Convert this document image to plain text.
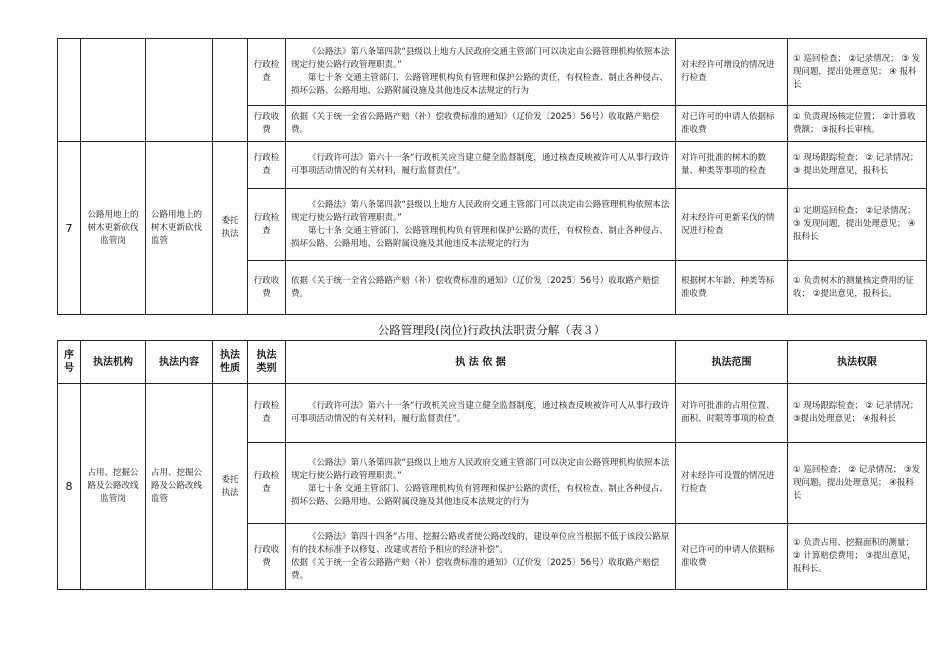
				行政检查	《公路法》第八条第四款“县级以上地方人民政府交通主管部门可以决定由公路管理机构依照本法规定行使公路行政管理职责。”

第七十条 交通主管部门、公路管理机构负有管理和保护公路的责任，有权检查、制止各种侵占、损坏公路、公路用地、公路附属设施及其他违反本法规定的行为	对未经许可增设的情况进行检查	① 巡回检查； ②记录情况； ③ 发现问题，提出处理意见； ④ 报科长
				行政收费	依据《关于统一全省公路路产赔（补）偿收费标准的通知》（辽价发〔2025〕56号）收取路产赔偿费。	对已许可的申请人依据标准收费	① 负责现场核定位置； ②计算收费额； ③报科长审核。
7	公路用地上的树木更新砍伐监管岗	公路用地上的树木更新砍伐监管	委托执法	行政检查	《行政许可法》第六十一条“行政机关应当建立健全监督制度，通过核查反映被许可人从事行政许可事项活动情况的有关材料，履行监督责任”。	对许可批准的树木的数量、种类等事项的检查	① 现场跟踪检查； ② 记录情况； ③ 提出处理意见，报科长
				行政检查	《公路法》第八条第四款“县级以上地方人民政府交通主管部门可以决定由公路管理机构依照本法规定行使公路行政管理职责。”

第七十条 交通主管部门、公路管理机构负有管理和保护公路的责任，有权检查、制止各种侵占、损坏公路、公路用地、公路附属设施及其他违反本法规定的行为	对未经许可更新采伐的情况进行检查	① 定期巡回检查； ②记录情况； ③ 发现问题，提出处理意见； ④ 报科长
				行政收费	依据《关于统一全省公路路产赔（补）偿收费标准的通知》（辽价发〔2025〕56号）收取路产赔偿费。	根据树木年龄、种类等标准收费	① 负责树木的测量核定费用的征收； ②提出意见，报科长。
公路管理段(岗位)行政执法职责分解（表３）
序号	执法机构	执法内容	执法性质	执法类别	执 法 依 据	执法范围	执法权限
8	占用、挖掘公路及公路改线监管岗	占用、挖掘公路及公路改线监管	委托执法	行政检查	《行政许可法》第六十一条“行政机关应当建立健全监督制度，通过核查反映被许可人从事行政许可事项活动情况的有关材料，履行监督责任”。	对许可批准的占用位置、面积、时限等事项的检查	① 现场跟踪检查； ② 记录情况； ③提出处理意见； ④报科长
				行政检查	《公路法》第八条第四款“县级以上地方人民政府交通主管部门可以决定由公路管理机构依照本法规定行使公路行政管理职责。”

第七十条 交通主管部门、公路管理机构负有管理和保护公路的责任，有权检查、制止各种侵占、损坏公路、公路用地、公路附属设施及其他违反本法规定的行为	对未经许可设置的情况进行检查	① 巡回检查； ② 记录情况； ③发现问题，提出处理意见； ④报科长
				行政收费	《公路法》第四十四条“占用、挖掘公路或者使公路改线的，建设单位应当根据不低于该段公路原有的技术标准予以修复、改建或者给予相应的经济补偿”。

依据《关于统一全省公路路产赔（补）偿收费标准的通知》（辽价发〔2025〕56号）收取路产赔偿费。	对已许可的申请人依据标准收费	① 负责占用、挖掘面积的测量； ② 计算赔偿费用； ③提出意见，报科长。
